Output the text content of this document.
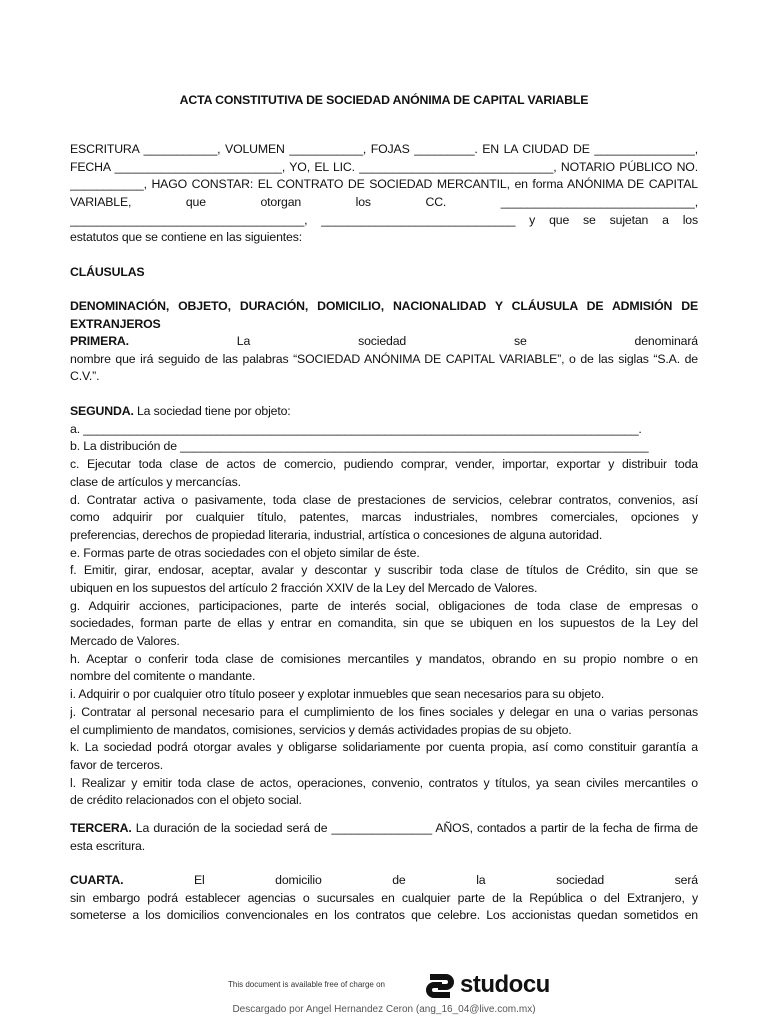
ACTA CONSTITUTIVA DE SOCIEDAD ANÓNIMA DE CAPITAL VARIABLE
ESCRITURA ___________, VOLUMEN ___________, FOJAS _________. EN LA CIUDAD DE _______________,
FECHA _________________________, YO, EL LIC. _____________________________, NOTARIO PÚBLICO NO.
___________, HAGO CONSTAR: EL CONTRATO DE SOCIEDAD MERCANTIL, en forma ANÓNIMA DE CAPITAL
VARIABLE, que otorgan los CC. _____________________________,
___________________________________, _____________________________ y que se sujetan a los
estatutos que se contiene en las siguientes:
CLÁUSULAS
DENOMINACIÓN, OBJETO, DURACIÓN, DOMICILIO, NACIONALIDAD Y CLÁUSULA DE ADMISIÓN DE
EXTRANJEROS
PRIMERA.	La sociedad se denominará
nombre que irá seguido de las palabras “SOCIEDAD ANÓNIMA DE CAPITAL VARIABLE”, o de las siglas “S.A. de
C.V.”.
SEGUNDA. La sociedad tiene por objeto:
a. ___________________________________________________________________________________.
b. La distribución de ______________________________________________________________________
c. Ejecutar toda clase de actos de comercio, pudiendo comprar, vender, importar, exportar y distribuir toda
clase de artículos y mercancías.
d. Contratar activa o pasivamente, toda clase de prestaciones de servicios, celebrar contratos, convenios, así
como adquirir por cualquier título, patentes, marcas industriales, nombres comerciales, opciones y
preferencias, derechos de propiedad literaria, industrial, artística o concesiones de alguna autoridad.
e. Formas parte de otras sociedades con el objeto similar de éste.
f. Emitir, girar, endosar, aceptar, avalar y descontar y suscribir toda clase de títulos de Crédito, sin que se
ubiquen en los supuestos del artículo 2 fracción XXIV de la Ley del Mercado de Valores.
g. Adquirir acciones, participaciones, parte de interés social, obligaciones de toda clase de empresas o
sociedades, forman parte de ellas y entrar en comandita, sin que se ubiquen en los supuestos de la Ley del
Mercado de Valores.
h. Aceptar o conferir toda clase de comisiones mercantiles y mandatos, obrando en su propio nombre o en
nombre del comitente o mandante.
i. Adquirir o por cualquier otro título poseer y explotar inmuebles que sean necesarios para su objeto.
j. Contratar al personal necesario para el cumplimiento de los fines sociales y delegar en una o varias personas
el cumplimiento de mandatos, comisiones, servicios y demás actividades propias de su objeto.
k. La sociedad podrá otorgar avales y obligarse solidariamente por cuenta propia, así como constituir garantía a
favor de terceros.
l. Realizar y emitir toda clase de actos, operaciones, convenio, contratos y títulos, ya sean civiles mercantiles o
de crédito relacionados con el objeto social.
TERCERA. La duración de la sociedad será de _______________ AÑOS, contados a partir de la fecha de firma de
esta escritura.
CUARTA.	El domicilio de la sociedad será
sin embargo podrá establecer agencias o sucursales en cualquier parte de la República o del Extranjero, y
someterse a los domicilios convencionales en los contratos que celebre. Los accionistas quedan sometidos en
This document is available free of charge on	studocu
Descargado por Angel Hernandez Ceron (ang_16_04@live.com.mx)
